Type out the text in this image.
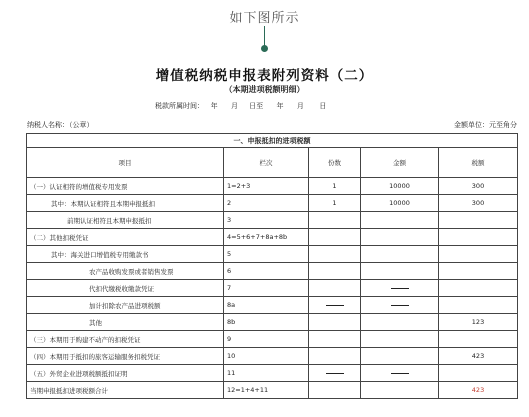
如下图所示
增值税纳税申报表附列资料（二）
（本期进项税额明细）
税款所属时间：   年      月     日至      年      月       日
纳税人名称：（公章）	金额单位：元至角分
一、申报抵扣的进项税额				
项目	栏次	份数	金额	税额
（一）认证相符的增值税专用发票	1=2+3	1	10000	300
其中：本期认证相符且本期申报抵扣	2	1	10000	300
前期认证相符且本期申报抵扣	3			
（二）其他扣税凭证	4=5+6+7+8a+8b			
其中：海关进口增值税专用缴款书	5			
农产品收购发票或者销售发票	6			
代扣代缴税收缴款凭证	7			
加计扣除农产品进项税额	8a			
其他	8b			123
（三）本期用于购建不动产的扣税凭证	9			
（四）本期用于抵扣的旅客运输服务扣税凭证	10			423
（五）外贸企业进项税额抵扣证明	11			
当期申报抵扣进项税额合计	12=1+4+11			423
